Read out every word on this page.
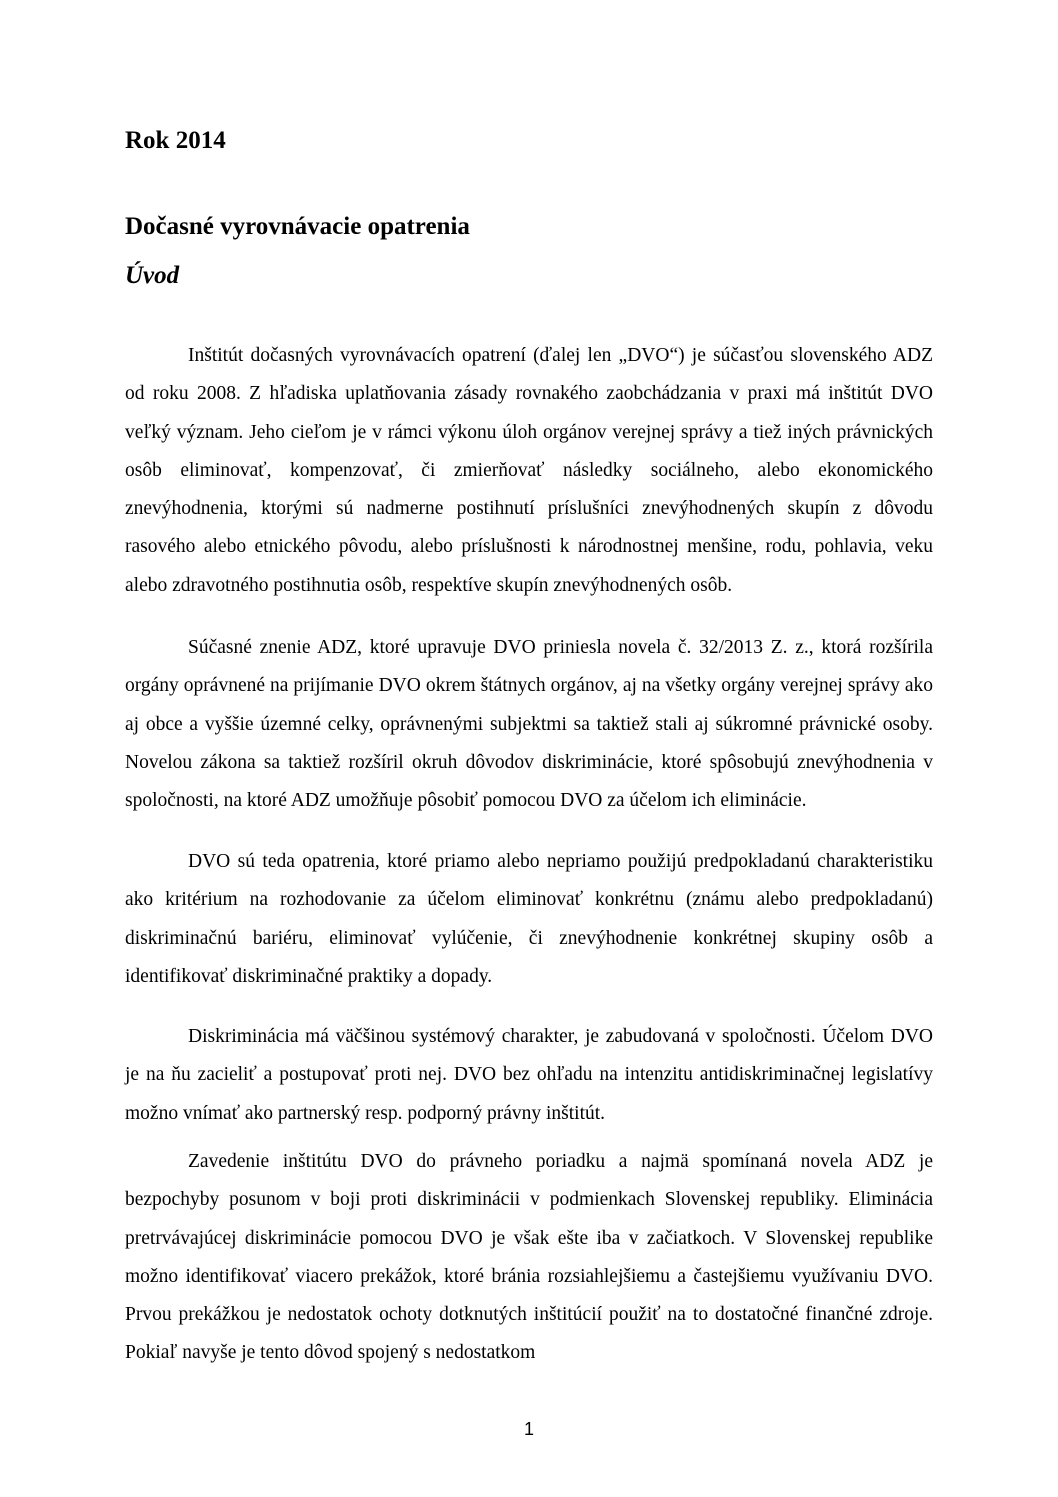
Rok 2014
Dočasné vyrovnávacie opatrenia
Úvod

Inštitút dočasných vyrovnávacích opatrení (ďalej len „DVO“) je súčasťou slovenského ADZ od roku 2008. Z hľadiska uplatňovania zásady rovnakého zaobchádzania v praxi má inštitút DVO veľký význam. Jeho cieľom je v rámci výkonu úloh orgánov verejnej správy a tiež iných právnických osôb eliminovať, kompenzovať, či zmierňovať následky sociálneho, alebo ekonomického znevýhodnenia, ktorými sú nadmerne postihnutí príslušníci znevýhodnených skupín z dôvodu rasového alebo etnického pôvodu, alebo príslušnosti k národnostnej menšine, rodu, pohlavia, veku alebo zdravotného postihnutia osôb, respektíve skupín znevýhodnených osôb.

Súčasné znenie ADZ, ktoré upravuje DVO priniesla novela č. 32/2013 Z. z., ktorá rozšírila orgány oprávnené na prijímanie DVO okrem štátnych orgánov, aj na všetky orgány verejnej správy ako aj obce a vyššie územné celky, oprávnenými subjektmi sa taktiež stali aj súkromné právnické osoby. Novelou zákona sa taktiež rozšíril okruh dôvodov diskriminácie, ktoré spôsobujú znevýhodnenia v spoločnosti, na ktoré ADZ umožňuje pôsobiť pomocou DVO za účelom ich eliminácie.

DVO sú teda opatrenia, ktoré priamo alebo nepriamo použijú predpokladanú charakteristiku ako kritérium na rozhodovanie za účelom eliminovať konkrétnu (známu alebo predpokladanú) diskriminačnú bariéru, eliminovať vylúčenie, či znevýhodnenie konkrétnej skupiny osôb a identifikovať diskriminačné praktiky a dopady.

Diskriminácia má väčšinou systémový charakter, je zabudovaná v spoločnosti. Účelom DVO je na ňu zacieliť a postupovať proti nej. DVO bez ohľadu na intenzitu antidiskriminačnej legislatívy možno vnímať ako partnerský resp. podporný právny inštitút.

Zavedenie inštitútu DVO do právneho poriadku a najmä spomínaná novela ADZ je bezpochyby posunom v boji proti diskriminácii v podmienkach Slovenskej republiky. Eliminácia pretrvávajúcej diskriminácie pomocou DVO je však ešte iba v začiatkoch. V Slovenskej republike možno identifikovať viacero prekážok, ktoré bránia rozsiahlejšiemu a častejšiemu využívaniu DVO. Prvou prekážkou je nedostatok ochoty dotknutých inštitúcií použiť na to dostatočné finančné zdroje. Pokiaľ navyše je tento dôvod spojený s nedostatkom

1
